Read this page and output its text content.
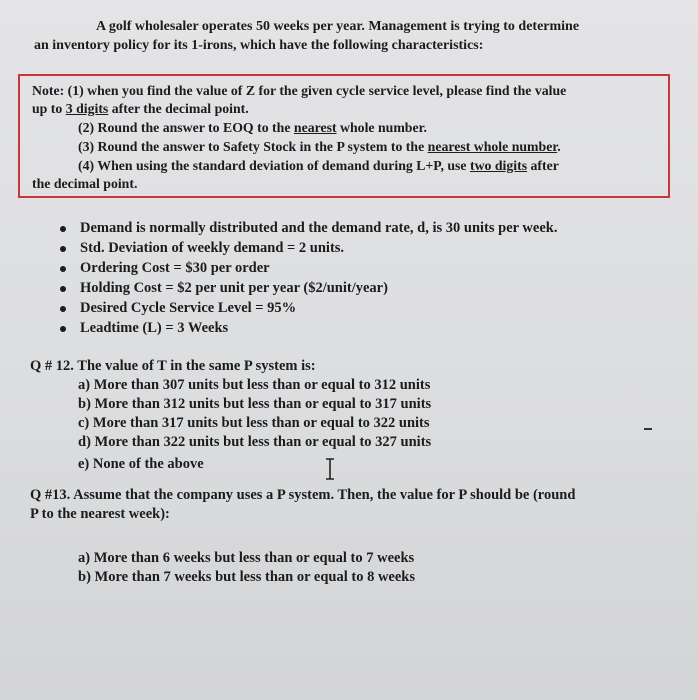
A golf wholesaler operates 50 weeks per year. Management is trying to determine
an inventory policy for its 1-irons, which have the following characteristics:
Note: (1) when you find the value of Z for the given cycle service level, please find the value
up to 3 digits after the decimal point.
(2) Round the answer to EOQ to the nearest whole number.
(3) Round the answer to Safety Stock in the P system to the nearest whole number.
(4) When using the standard deviation of demand during L+P, use two digits after
the decimal point.
Demand is normally distributed and the demand rate, d, is 30 units per week.
Std. Deviation of weekly demand = 2 units.
Ordering Cost = $30 per order
Holding Cost = $2 per unit per year ($2/unit/year)
Desired Cycle Service Level = 95%
Leadtime (L) = 3 Weeks
Q # 12. The value of T in the same P system is:
a) More than 307 units but less than or equal to 312 units
b) More than 312 units but less than or equal to 317 units
c) More than 317 units but less than or equal to 322 units
d) More than 322 units but less than or equal to 327 units
e) None of the above
Q #13. Assume that the company uses a P system. Then, the value for P should be (round
P to the nearest week):
a) More than 6 weeks but less than or equal to 7 weeks
b) More than 7 weeks but less than or equal to 8 weeks
